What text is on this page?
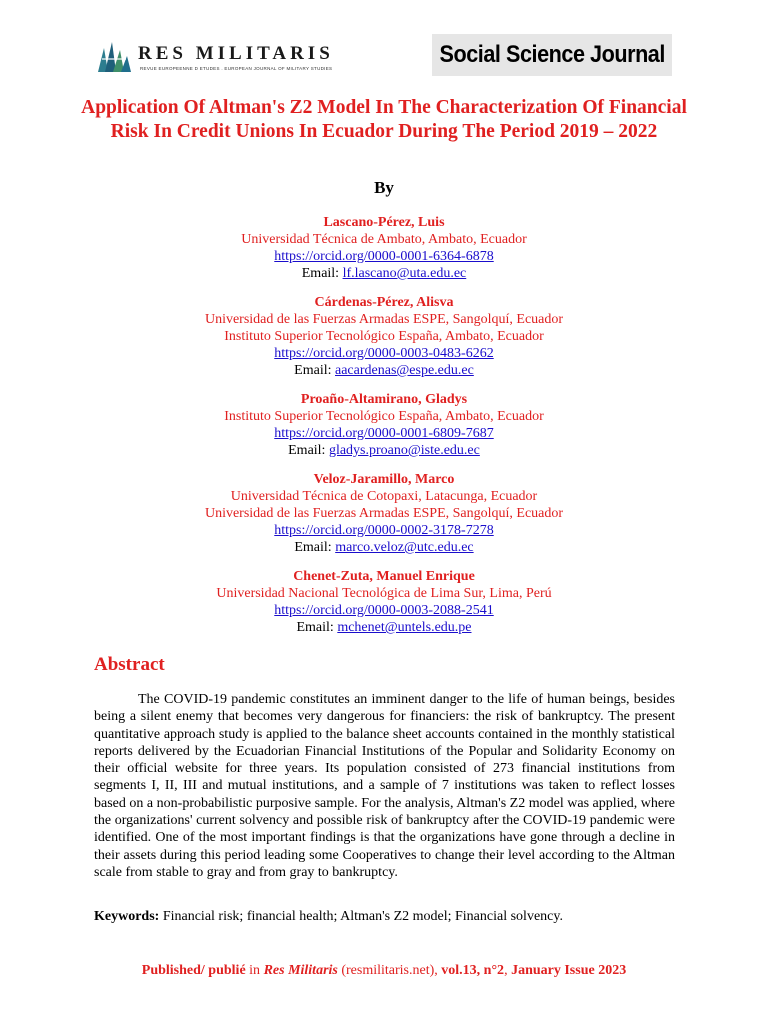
RES MILITARIS
REVUE EUROPEENNE D ETUDES . EUROPEAN JOURNAL OF MILITARY STUDIES
Social Science Journal
Application Of Altman's Z2 Model In The Characterization Of Financial Risk In Credit Unions In Ecuador During The Period 2019 – 2022
By
Lascano-Pérez, Luis
Universidad Técnica de Ambato, Ambato, Ecuador
https://orcid.org/0000-0001-6364-6878
Email: lf.lascano@uta.edu.ec
Cárdenas-Pérez, Alisva
Universidad de las Fuerzas Armadas ESPE, Sangolquí, Ecuador
Instituto Superior Tecnológico España, Ambato, Ecuador
https://orcid.org/0000-0003-0483-6262
Email: aacardenas@espe.edu.ec
Proaño-Altamirano, Gladys
Instituto Superior Tecnológico España, Ambato, Ecuador
https://orcid.org/0000-0001-6809-7687
Email: gladys.proano@iste.edu.ec
Veloz-Jaramillo, Marco
Universidad Técnica de Cotopaxi, Latacunga, Ecuador
Universidad de las Fuerzas Armadas ESPE, Sangolquí, Ecuador
https://orcid.org/0000-0002-3178-7278
Email: marco.veloz@utc.edu.ec
Chenet-Zuta, Manuel Enrique
Universidad Nacional Tecnológica de Lima Sur, Lima, Perú
https://orcid.org/0000-0003-2088-2541
Email: mchenet@untels.edu.pe
Abstract

The COVID-19 pandemic constitutes an imminent danger to the life of human beings, besides being a silent enemy that becomes very dangerous for financiers: the risk of bankruptcy. The present quantitative approach study is applied to the balance sheet accounts contained in the monthly statistical reports delivered by the Ecuadorian Financial Institutions of the Popular and Solidarity Economy on their official website for three years. Its population consisted of 273 financial institutions from segments I, II, III and mutual institutions, and a sample of 7 institutions was taken to reflect losses based on a non-probabilistic purposive sample. For the analysis, Altman's Z2 model was applied, where the organizations' current solvency and possible risk of bankruptcy after the COVID-19 pandemic were identified. One of the most important findings is that the organizations have gone through a decline in their assets during this period leading some Cooperatives to change their level according to the Altman scale from stable to gray and from gray to bankruptcy.

Keywords: Financial risk; financial health; Altman's Z2 model; Financial solvency.

Published/ publié in Res Militaris (resmilitaris.net), vol.13, n°2, January Issue 2023
